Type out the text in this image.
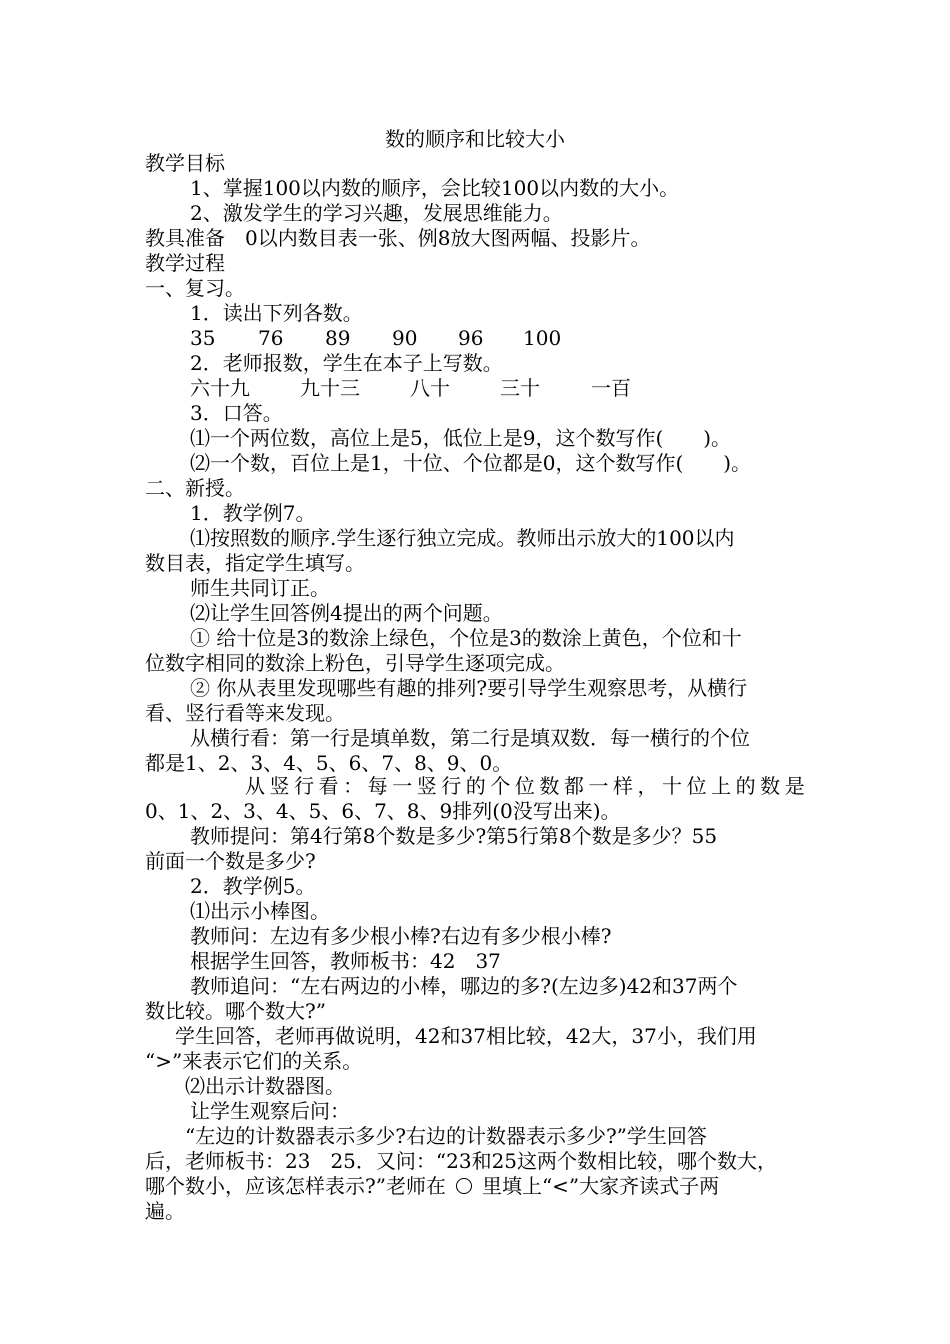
数的顺序和比较大小
教学目标
1、掌握100以内数的顺序，会比较100以内数的大小。
2、激发学生的学习兴趣，发展思维能力。
教具准备　0以内数目表一张、例8放大图两幅、投影片。
教学过程
一、复习。
1．读出下列各数。
35 76 89 90 96 100
2．老师报数，学生在本子上写数。
六十九	九十三	八十	三十	一百
3．口答。
⑴一个两位数，高位上是5，低位上是9，这个数写作(　　)。
⑵一个数，百位上是1，十位、个位都是0，这个数写作(　　)。
二、新授。
1．教学例7。
⑴按照数的顺序.学生逐行独立完成。教师出示放大的100以内
数目表，指定学生填写。
师生共同订正。
⑵让学生回答例4提出的两个问题。
① 给十位是3的数涂上绿色，个位是3的数涂上黄色，个位和十
位数字相同的数涂上粉色，引导学生逐项完成。
② 你从表里发现哪些有趣的排列?要引导学生观察思考，从横行
看、竖行看等来发现。
从横行看：第一行是填单数，第二行是填双数．每一横行的个位
都是1、2、3、4、5、6、7、8、9、0。
从 竖 行 看 ： 每 一 竖 行 的 个 位 数 都 一 样 ， 十 位 上 的 数 是
0、1、2、3、4、5、6、7、8、9排列(0没写出来)。
教师提问：第4行第8个数是多少?第5行第8个数是多少？55
前面一个数是多少?
2．教学例5。
⑴出示小棒图。
教师问：左边有多少根小棒?右边有多少根小棒?
根据学生回答，教师板书：42　37
教师追问：“左右两边的小棒，哪边的多?(左边多)42和37两个
数比较。哪个数大?”
学生回答，老师再做说明，42和37相比较，42大，37小，我们用
“>”来表示它们的关系。
⑵出示计数器图。
让学生观察后问：
“左边的计数器表示多少?右边的计数器表示多少?”学生回答
后，老师板书：23　25．又问：“23和25这两个数相比较，哪个数大，
哪个数小，应该怎样表示?”老师在 里填上“<”大家齐读式子两
遍。
